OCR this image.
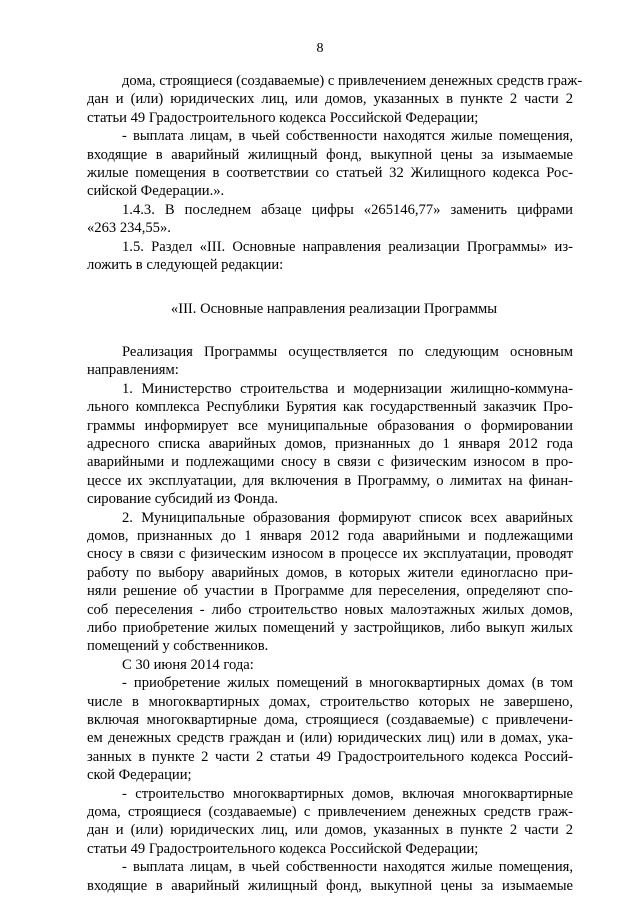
8

дома, строящиеся (создаваемые) с привлечением денежных средств граж-
дан и (или) юридических лиц, или домов, указанных в пункте 2 части 2
статьи 49 Градостроительного кодекса Российской Федерации;

- выплата лицам, в чьей собственности находятся жилые помещения,
входящие в аварийный жилищный фонд, выкупной цены за изымаемые
жилые помещения в соответствии со статьей 32 Жилищного кодекса Рос-
сийской Федерации.».

1.4.3. В последнем абзаце цифры «265146,77» заменить цифрами
«263 234,55».

1.5. Раздел «III. Основные направления реализации Программы» из-
ложить в следующей редакции:

«III. Основные направления реализации Программы

Реализация Программы осуществляется по следующим основным
направлениям:

1. Министерство строительства и модернизации жилищно-коммуна-
льного комплекса Республики Бурятия как государственный заказчик Про-
граммы информирует все муниципальные образования о формировании
адресного списка аварийных домов, признанных до 1 января 2012 года
аварийными и подлежащими сносу в связи с физическим износом в про-
цессе их эксплуатации, для включения в Программу, о лимитах на финан-
сирование субсидий из Фонда.

2. Муниципальные образования формируют список всех аварийных
домов, признанных до 1 января 2012 года аварийными и подлежащими
сносу в связи с физическим износом в процессе их эксплуатации, проводят
работу по выбору аварийных домов, в которых жители единогласно при-
няли решение об участии в Программе для переселения, определяют спо-
соб переселения - либо строительство новых малоэтажных жилых домов,
либо приобретение жилых помещений у застройщиков, либо выкуп жилых
помещений у собственников.

С 30 июня 2014 года:

- приобретение жилых помещений в многоквартирных домах (в том
числе в многоквартирных домах, строительство которых не завершено,
включая многоквартирные дома, строящиеся (создаваемые) с привлечени-
ем денежных средств граждан и (или) юридических лиц) или в домах, ука-
занных в пункте 2 части 2 статьи 49 Градостроительного кодекса Россий-
ской Федерации;

- строительство многоквартирных домов, включая многоквартирные
дома, строящиеся (создаваемые) с привлечением денежных средств граж-
дан и (или) юридических лиц, или домов, указанных в пункте 2 части 2
статьи 49 Градостроительного кодекса Российской Федерации;

- выплата лицам, в чьей собственности находятся жилые помещения,
входящие в аварийный жилищный фонд, выкупной цены за изымаемые
